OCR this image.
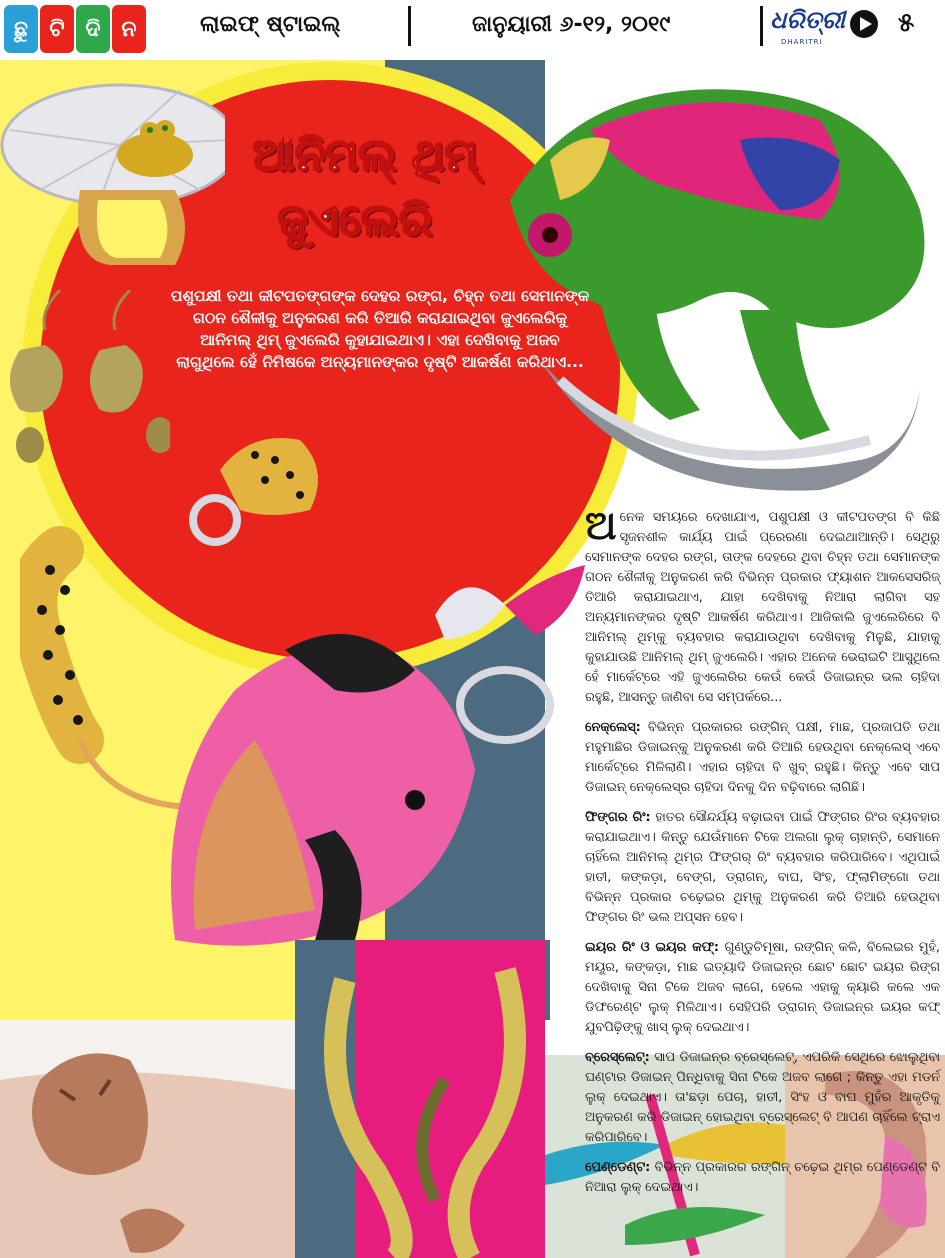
ଛୁ ଟି ଦି ନ	ଲାଇଫ୍ ଷ୍ଟାଇଲ୍	ଜାନୁୟାରୀ ୬-୧୨, ୨୦୧୯	ଧରିତ୍ରୀ
DHARITRI
୫
ଆନିମଲ୍ ଥିମ୍
ଜୁଏଲେରି
ପଶୁପକ୍ଷୀ ତଥା କୀଟପତଙ୍ଗଙ୍କ ଦେହର ରଙ୍ଗ, ଚିହ୍ନ ତଥା ସେମାନଙ୍କ ଗଠନ ଶୈଳୀକୁ ଅନୁକରଣ କରି ତିଆରି କରାଯାଇଥିବା ଜୁଏଲେରିକୁ ଆନିମଲ୍ ଥିମ୍ ଜୁଏଲେରି କୁହାଯାଇଥାଏ। ଏହା ଦେଖିବାକୁ ଅଜବ ଲାଗୁଥିଲେ ହେଁ ନିମିଷକେ ଅନ୍ୟମାନଙ୍କର ଦୃଷ୍ଟି ଆକର୍ଷଣ କରିଥାଏ...

ଅନେକ ସମୟରେ ଦେଖାଯାଏ, ପଶୁପକ୍ଷୀ ଓ କୀଟପତଙ୍ଗ ବି କିଛି ସୃଜନଶୀଳ କାର୍ଯ୍ୟ ପାଇଁ ପ୍ରେରଣା ଦେଇଥାଆନ୍ତି। ସେଥିରୁ ସେମାନଙ୍କ ଦେହର ରଙ୍ଗ, ତାଙ୍କ ଦେହରେ ଥିବା ଚିହ୍ନ ତଥା ସେମାନଙ୍କ ଗଠନ ଶୈଳୀକୁ ଅନୁକରଣ କରି ବିଭିନ୍ନ ପ୍ରକାର ଫ୍ୟାଶନ ଆକସେସରିଜ୍ ତିଆରି କରାଯାଇଥାଏ, ଯାହା ଦେଖିବାକୁ ନିଆରା ଲାଗିବା ସହ ଅନ୍ୟମାନଙ୍କର ଦୃଷ୍ଟି ଆକର୍ଷଣ କରିଥାଏ। ଆଜିକାଲି ଜୁଏଲେରିରେ ବି ଆନିମଲ୍ ଥିମ୍କୁ ବ୍ୟବହାର କରାଯାଉଥିବା ଦେଖିବାକୁ ମିଳୁଛି, ଯାହାକୁ କୁହାଯାଉଛି ଆନିମଲ୍ ଥିମ୍ ଜୁଏଲେରି। ଏହାର ଅନେକ ଭେରାଇଟି ଆସୁଥିଲେ ହେଁ ମାର୍କେଟ୍ରେ ଏହି ଜୁଏଲେରିର କେଉଁ କେଉଁ ଡିଜାଇନ୍ର ଭଲ ଚାହିଦା ରହୁଛି, ଆସନ୍ତୁ ଜାଣିବା ସେ ସମ୍ପର୍କରେ...

ନେକ୍ଲେସ୍: ବିଭିନ୍ନ ପ୍ରକାରର ରଙ୍ଗିନ୍ ପକ୍ଷୀ, ମାଛ, ପ୍ରଜାପତି ତଥା ମହୁମାଛିର ଡିଜାଇନ୍କୁ ଅନୁକରଣ କରି ତିଆରି ହେଉଥିବା ନେକ୍ଲେସ୍ ଏବେ ମାର୍କେଟ୍ରେ ମିଳିଲାଣି। ଏହାର ଚାହିଦା ବି ଖୁବ୍ ରହୁଛି। କିନ୍ତୁ ଏବେ ସାପ ଡିଜାଇନ୍ ନେକ୍ଲେସ୍ର ଚାହିଦା ଦିନକୁ ଦିନ ବଢ଼ିବାରେ ଲାଗିଛି।

ଫିଙ୍ଗର ରିଂ: ହାତର ସୌନ୍ଦର୍ଯ୍ୟ ବଢ଼ାଇବା ପାଇଁ ଫିଙ୍ଗର ରିଂର ବ୍ୟବହାର କରାଯାଇଥାଏ। କିନ୍ତୁ ଯେଉଁମାନେ ଟିକେ ଅଲଗା ଲୁକ୍ ଚାହାନ୍ତି, ସେମାନେ ଚାହିଁଲେ ଆନିମଲ୍ ଥିମ୍ର ଫିଙ୍ଗର୍ ରିଂ ବ୍ୟବହାର କରିପାରିବେ। ଏଥିପାଇଁ ହାତୀ, କଙ୍କଡ଼ା, ବେଙ୍ଗ, ଡ୍ରାଗନ୍, ବାଘ, ସିଂହ, ଫ୍ଲାମିଙ୍ଗୋ ତଥା ବିଭିନ୍ନ ପ୍ରକାର ଚଢ଼େଇର ଥିମ୍କୁ ଅନୁକରଣ କରି ତିଆରି ହେଉଥିବା ଫିଙ୍ଗର ରିଂ ଭଲ ଅପ୍ସନ ହେବ।

ଇୟର ରିଂ ଓ ଇୟର କଫ୍: ଗୁଣ୍ଡୁଚିମୂଷା, ରଙ୍ଗିନ୍ କଳି, ବିଲେଇର ମୁହଁ, ମୟୂର, କଙ୍କଡ଼ା, ମାଛ ଇତ୍ୟାଦି ଡିଜାଇନ୍ର ଛୋଟ ଛୋଟ ଇୟର ରିଙ୍ଗ ଦେଖିବାକୁ ସିନା ଟିକେ ଅଜବ ଲାଗେ, ହେଲେ ଏହାକୁ କ୍ୟାରି କଲେ ଏକ ଡିଫରେଣ୍ଟ ଲୁକ୍ ମିଳିଥାଏ। ସେହିପରି ଡ୍ରାଗନ୍ ଡିଜାଇନ୍ର ଇୟର କଫ୍ ଯୁବପିଢ଼ିଙ୍କୁ ଖାସ୍ ଲୁକ୍ ଦେଇଥାଏ।

ବ୍ରେସ୍ଲେଟ୍: ସାପ ଡିଜାଇନ୍ର ବ୍ରେସ୍ଲେଟ୍, ଏପରିକି ସେଥିରେ ଝୋଲୁଥିବା ଘଣ୍ଟାର ଡିଜାଇନ୍ ପିନ୍ଧିବାକୁ ସିନା ଟିକେ ଅଜବ ଲାଗେ ; କିନ୍ତୁ ଏହା ମଡର୍ନ ଲୁକ୍ ଦେଇଥାଏ। ତା'ଛଡ଼ା ପେଚା, ହାତୀ, ସିଂହ ଓ ବାଘ ମୁହଁର ଆକୃତିକୁ ଅନୁକରଣ କରି ଡିଜାଇନ୍ ହୋଇଥିବା ବ୍ରେସ୍ଲେଟ୍ ବି ଆପଣ ଚାହିଁଲେ ଟ୍ରାଏ କରିପାରିବେ।

ପେଣ୍ଡେଣ୍ଟ: ବିଭିନ୍ନ ପ୍ରକାରର ରଙ୍ଗିନ୍ ଚଢ଼େଇ ଥିମ୍ର ପେଣ୍ଡେଣ୍ଟ ବି ନିଆରା ଲୁକ୍ ଦେଇଥାଏ।
